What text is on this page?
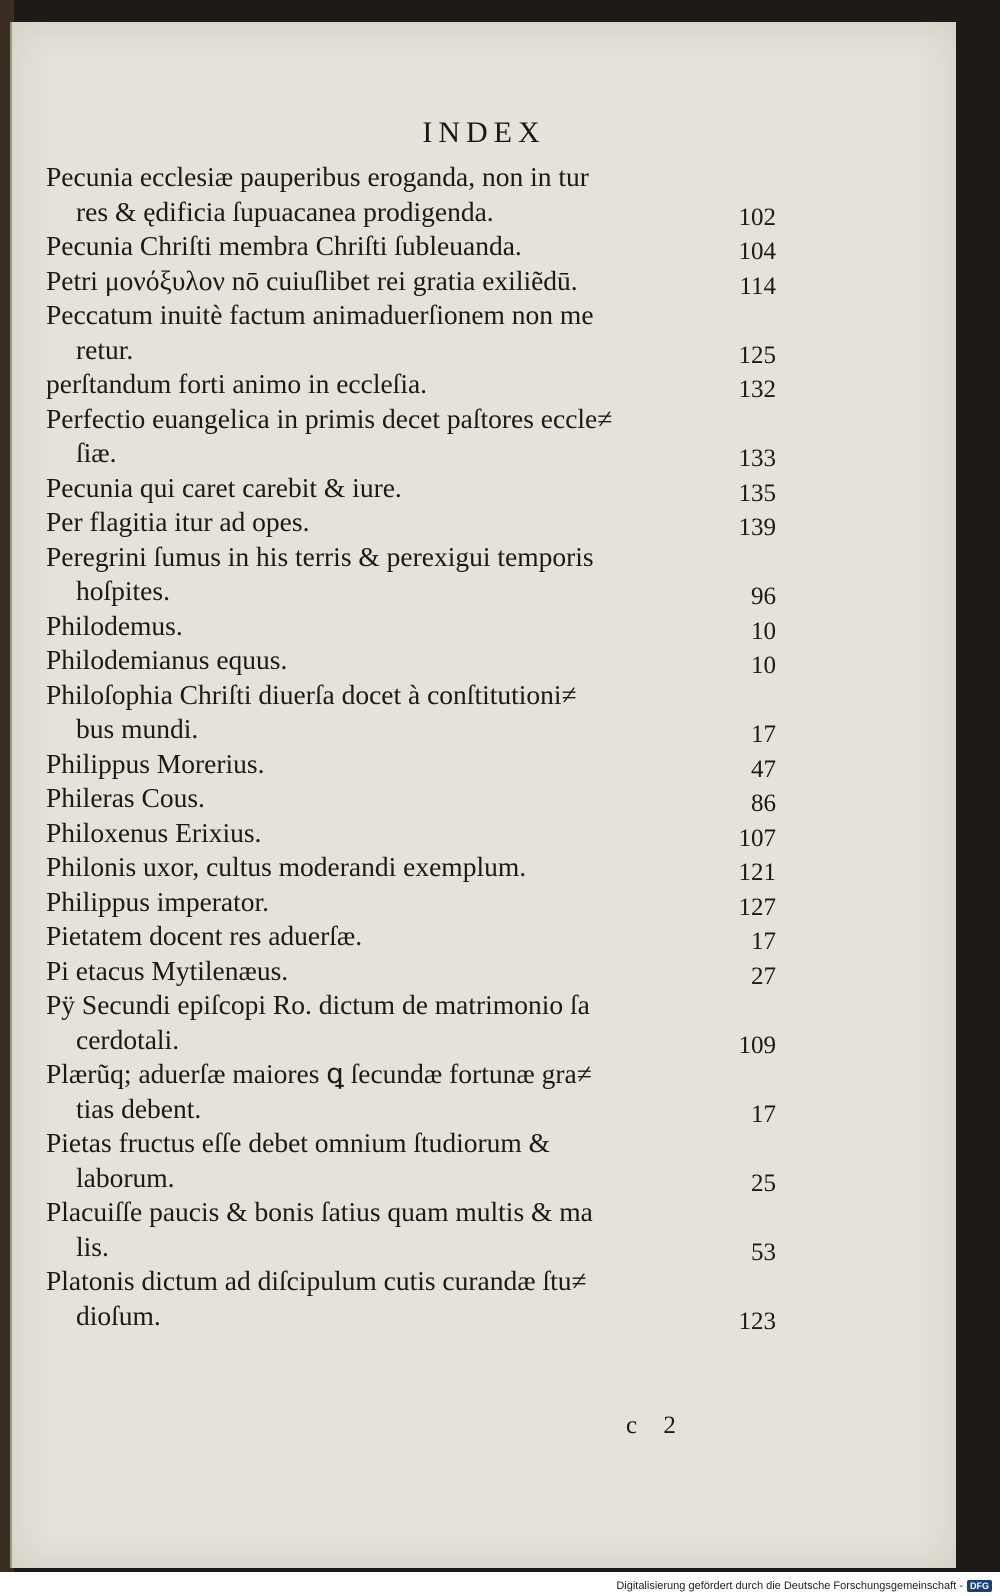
INDEX
Pecunia ecclesiæ pauperibus eroganda, non in tur
res & ędificia ſupuacanea prodigenda.	102
Pecunia Chriſti membra Chriſti ſubleuanda.	104
Petri μονόξυλον nō cuiuſlibet rei gratia exiliẽdū.	114
Peccatum inuitè factum animaduerſionem non me
retur.	125
perſtandum forti animo in eccleſia.	132
Perfectio euangelica in primis decet paſtores eccle≠
ſiæ.	133
Pecunia qui caret carebit & iure.	135
Per flagitia itur ad opes.	139
Peregrini ſumus in his terris & perexigui temporis
hoſpites.	96
Philodemus.	10
Philodemianus equus.	10
Philoſophia Chriſti diuerſa docet à conſtitutioni≠
bus mundi.	17
Philippus Morerius.	47
Phileras Cous.	86
Philoxenus Erixius.	107
Philonis uxor, cultus moderandi exemplum.	121
Philippus imperator.	127
Pietatem docent res aduerſæ.	17
Pi etacus Mytilenæus.	27
Pÿ Secundi epiſcopi Ro. dictum de matrimonio ſa
cerdotali.	109
Plærũq; aduerſæ maiores ꝗ ſecundæ fortunæ gra≠
tias debent.	17
Pietas fructus eſſe debet omnium ſtudiorum &
laborum.	25
Placuiſſe paucis & bonis ſatius quam multis & ma
lis.	53
Platonis dictum ad diſcipulum cutis curandæ ſtu≠
dioſum.	123
c 2
Digitalisierung gefördert durch die Deutsche Forschungsgemeinschaft - DFG
